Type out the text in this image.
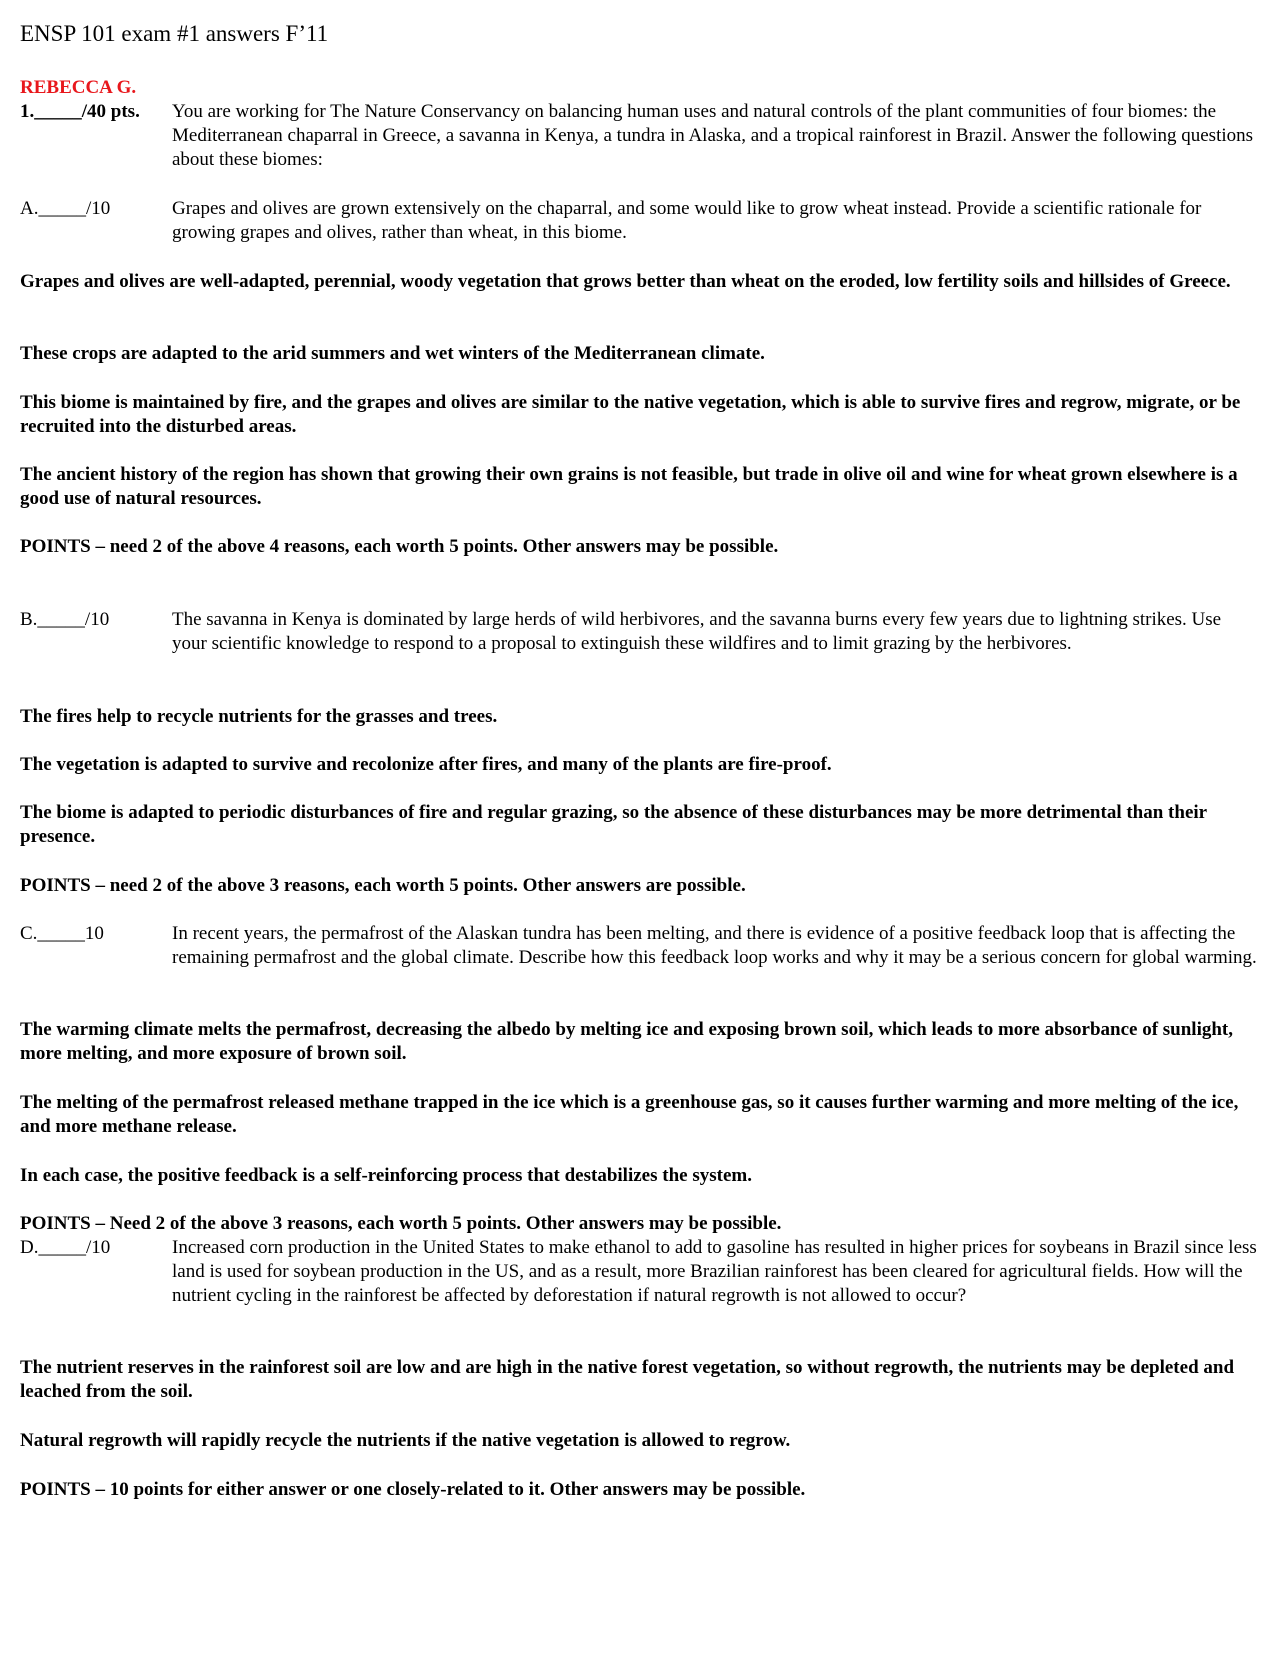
ENSP 101 exam #1 answers F’11
REBECCA G.
1._____/40 pts. You are working for The Nature Conservancy on balancing human uses and natural controls of the plant communities of four biomes: the Mediterranean chaparral in Greece, a savanna in Kenya, a tundra in Alaska, and a tropical rainforest in Brazil. Answer the following questions about these biomes:
A._____/10	Grapes and olives are grown extensively on the chaparral, and some would like to grow wheat instead. Provide a scientific rationale for growing grapes and olives, rather than wheat, in this biome.

Grapes and olives are well-adapted, perennial, woody vegetation that grows better than wheat on the eroded, low fertility soils and hillsides of Greece.

These crops are adapted to the arid summers and wet winters of the Mediterranean climate.

This biome is maintained by fire, and the grapes and olives are similar to the native vegetation, which is able to survive fires and regrow, migrate, or be recruited into the disturbed areas.

The ancient history of the region has shown that growing their own grains is not feasible, but trade in olive oil and wine for wheat grown elsewhere is a good use of natural resources.

POINTS – need 2 of the above 4 reasons, each worth 5 points. Other answers may be possible.

B._____/10	The savanna in Kenya is dominated by large herds of wild herbivores, and the savanna burns every few years due to lightning strikes. Use your scientific knowledge to respond to a proposal to extinguish these wildfires and to limit grazing by the herbivores.

The fires help to recycle nutrients for the grasses and trees.

The vegetation is adapted to survive and recolonize after fires, and many of the plants are fire-proof.

The biome is adapted to periodic disturbances of fire and regular grazing, so the absence of these disturbances may be more detrimental than their presence.

POINTS – need 2 of the above 3 reasons, each worth 5 points. Other answers are possible.

C._____10	In recent years, the permafrost of the Alaskan tundra has been melting, and there is evidence of a positive feedback loop that is affecting the remaining permafrost and the global climate. Describe how this feedback loop works and why it may be a serious concern for global warming.

The warming climate melts the permafrost, decreasing the albedo by melting ice and exposing brown soil, which leads to more absorbance of sunlight, more melting, and more exposure of brown soil.

The melting of the permafrost released methane trapped in the ice which is a greenhouse gas, so it causes further warming and more melting of the ice, and more methane release.

In each case, the positive feedback is a self-reinforcing process that destabilizes the system.

POINTS – Need 2 of the above 3 reasons, each worth 5 points. Other answers may be possible.

D._____/10	Increased corn production in the United States to make ethanol to add to gasoline has resulted in higher prices for soybeans in Brazil since less land is used for soybean production in the US, and as a result, more Brazilian rainforest has been cleared for agricultural fields. How will the nutrient cycling in the rainforest be affected by deforestation if natural regrowth is not allowed to occur?

The nutrient reserves in the rainforest soil are low and are high in the native forest vegetation, so without regrowth, the nutrients may be depleted and leached from the soil.

Natural regrowth will rapidly recycle the nutrients if the native vegetation is allowed to regrow.

POINTS – 10 points for either answer or one closely-related to it. Other answers may be possible.
